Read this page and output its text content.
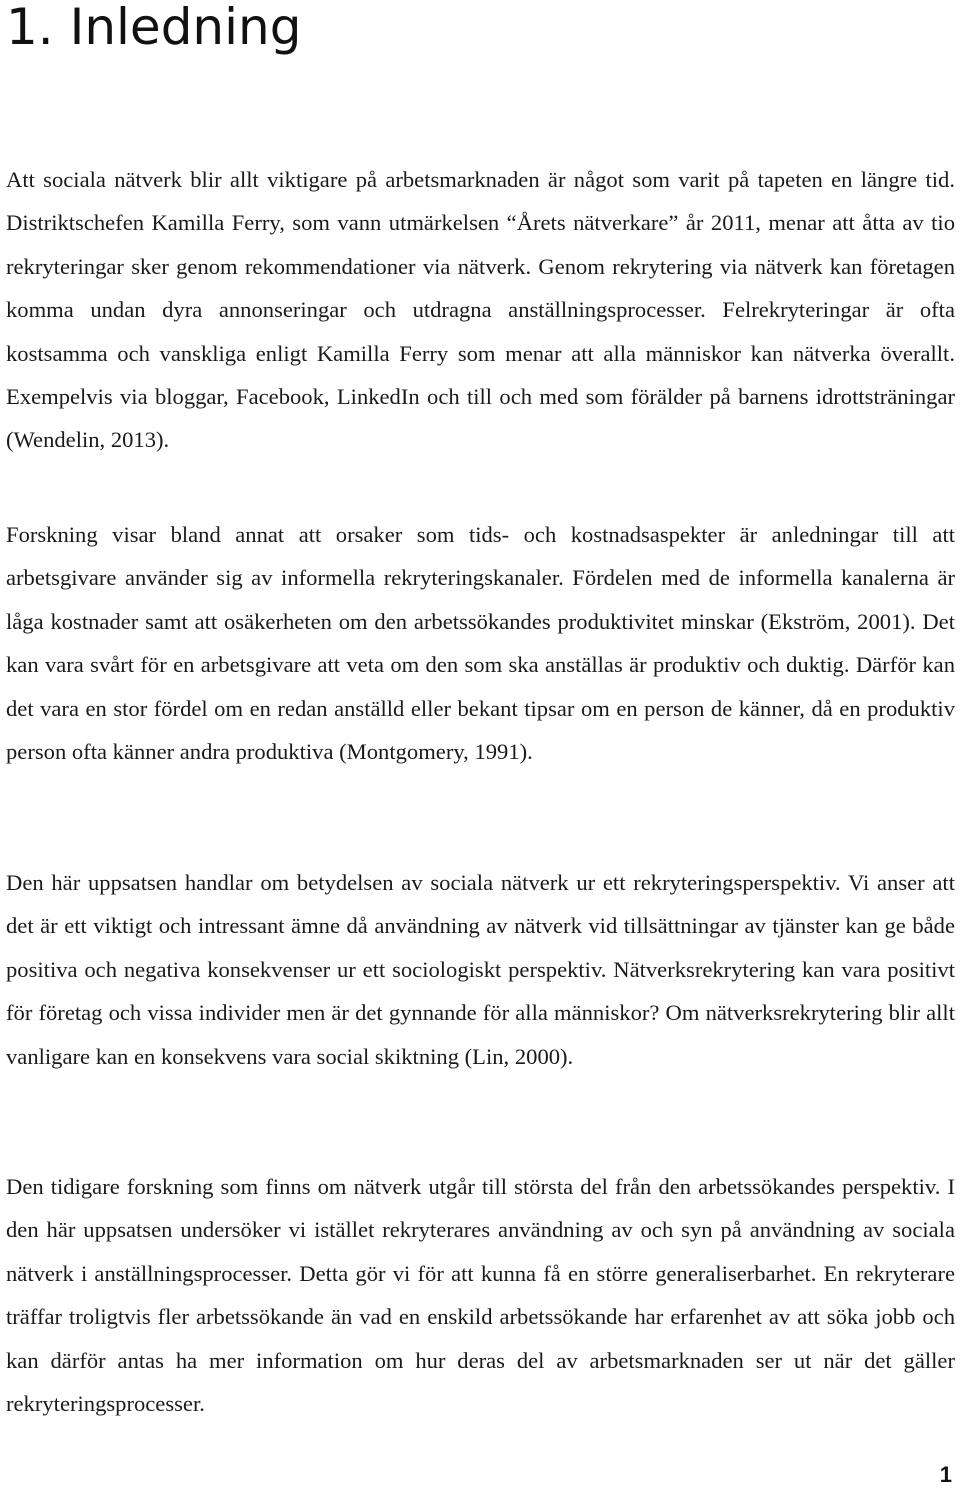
1. Inledning

Att sociala nätverk blir allt viktigare på arbetsmarknaden är något som varit på tapeten en längre tid. Distriktschefen Kamilla Ferry, som vann utmärkelsen “Årets nätverkare” år 2011, menar att åtta av tio rekryteringar sker genom rekommendationer via nätverk. Genom rekrytering via nätverk kan företagen komma undan dyra annonseringar och utdragna anställningsprocesser. Felrekryteringar är ofta kostsamma och vanskliga enligt Kamilla Ferry som menar att alla människor kan nätverka överallt. Exempelvis via bloggar, Facebook, LinkedIn och till och med som förälder på barnens idrottsträningar (Wendelin, 2013).

Forskning visar bland annat att orsaker som tids- och kostnadsaspekter är anledningar till att arbetsgivare använder sig av informella rekryteringskanaler. Fördelen med de informella kanalerna är låga kostnader samt att osäkerheten om den arbetssökandes produktivitet minskar (Ekström, 2001). Det kan vara svårt för en arbetsgivare att veta om den som ska anställas är produktiv och duktig. Därför kan det vara en stor fördel om en redan anställd eller bekant tipsar om en person de känner, då en produktiv person ofta känner andra produktiva (Montgomery, 1991).

Den här uppsatsen handlar om betydelsen av sociala nätverk ur ett rekryteringsperspektiv. Vi anser att det är ett viktigt och intressant ämne då användning av nätverk vid tillsättningar av tjänster kan ge både positiva och negativa konsekvenser ur ett sociologiskt perspektiv. Nätverksrekrytering kan vara positivt för företag och vissa individer men är det gynnande för alla människor? Om nätverksrekrytering blir allt vanligare kan en konsekvens vara social skiktning (Lin, 2000).

Den tidigare forskning som finns om nätverk utgår till största del från den arbetssökandes perspektiv. I den här uppsatsen undersöker vi istället rekryterares användning av och syn på användning av sociala nätverk i anställningsprocesser. Detta gör vi för att kunna få en större generaliserbarhet. En rekryterare träffar troligtvis fler arbetssökande än vad en enskild arbetssökande har erfarenhet av att söka jobb och kan därför antas ha mer information om hur deras del av arbetsmarknaden ser ut när det gäller rekryteringsprocesser.

1
